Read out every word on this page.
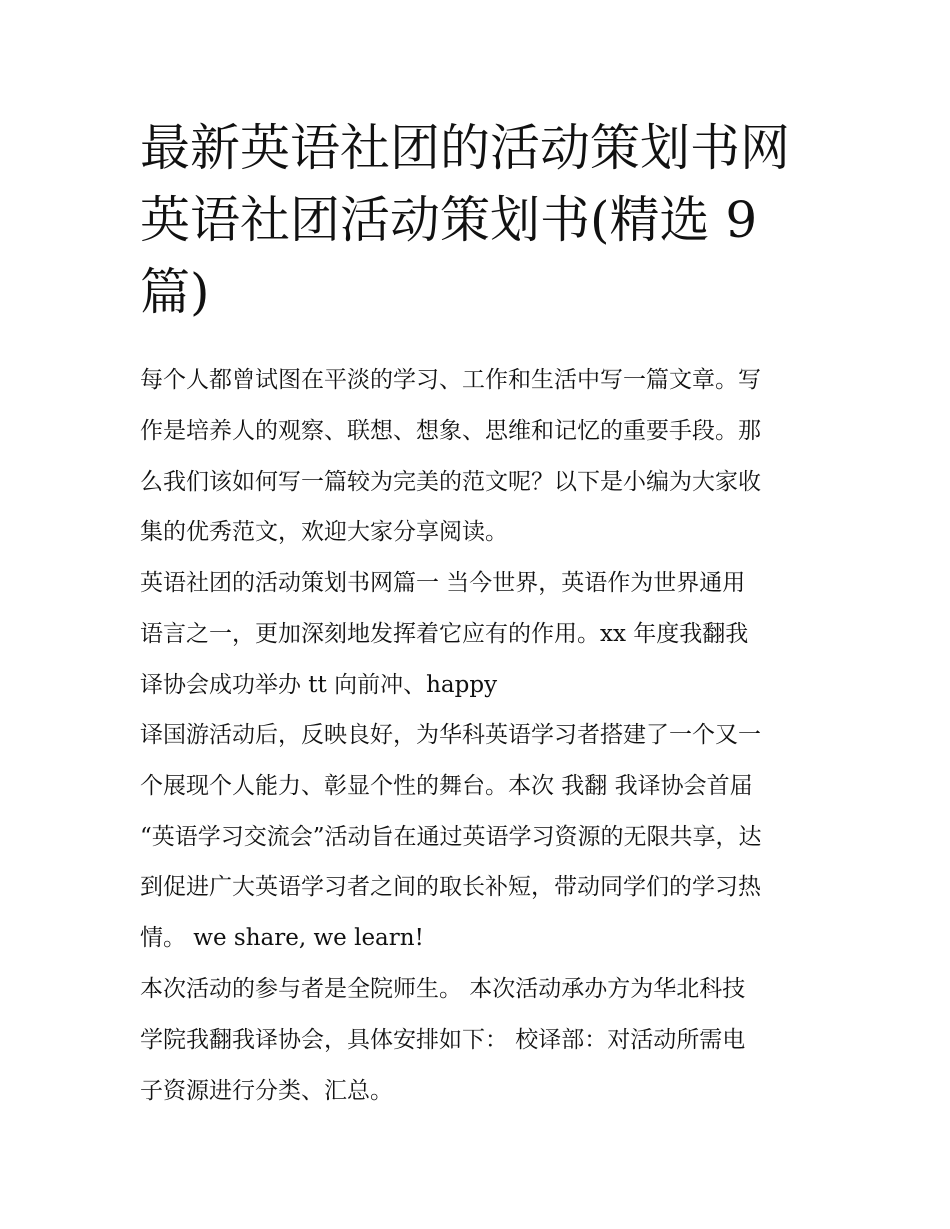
最新英语社团的活动策划书网
英语社团活动策划书(精选 9
篇)
每个人都曾试图在平淡的学习、工作和生活中写一篇文章。写
作是培养人的观察、联想、想象、思维和记忆的重要手段。那
么我们该如何写一篇较为完美的范文呢？以下是小编为大家收
集的优秀范文，欢迎大家分享阅读。
英语社团的活动策划书网篇一 当今世界，英语作为世界通用
语言之一，更加深刻地发挥着它应有的作用。xx 年度我翻我
译协会成功举办 tt 向前冲、happy
译国游活动后，反映良好，为华科英语学习者搭建了一个又一
个展现个人能力、彰显个性的舞台。本次 我翻 我译协会首届
“英语学习交流会”活动旨在通过英语学习资源的无限共享，达
到促进广大英语学习者之间的取长补短，带动同学们的学习热
情。 we share, we learn!
本次活动的参与者是全院师生。 本次活动承办方为华北科技
学院我翻我译协会，具体安排如下： 校译部：对活动所需电
子资源进行分类、汇总。
